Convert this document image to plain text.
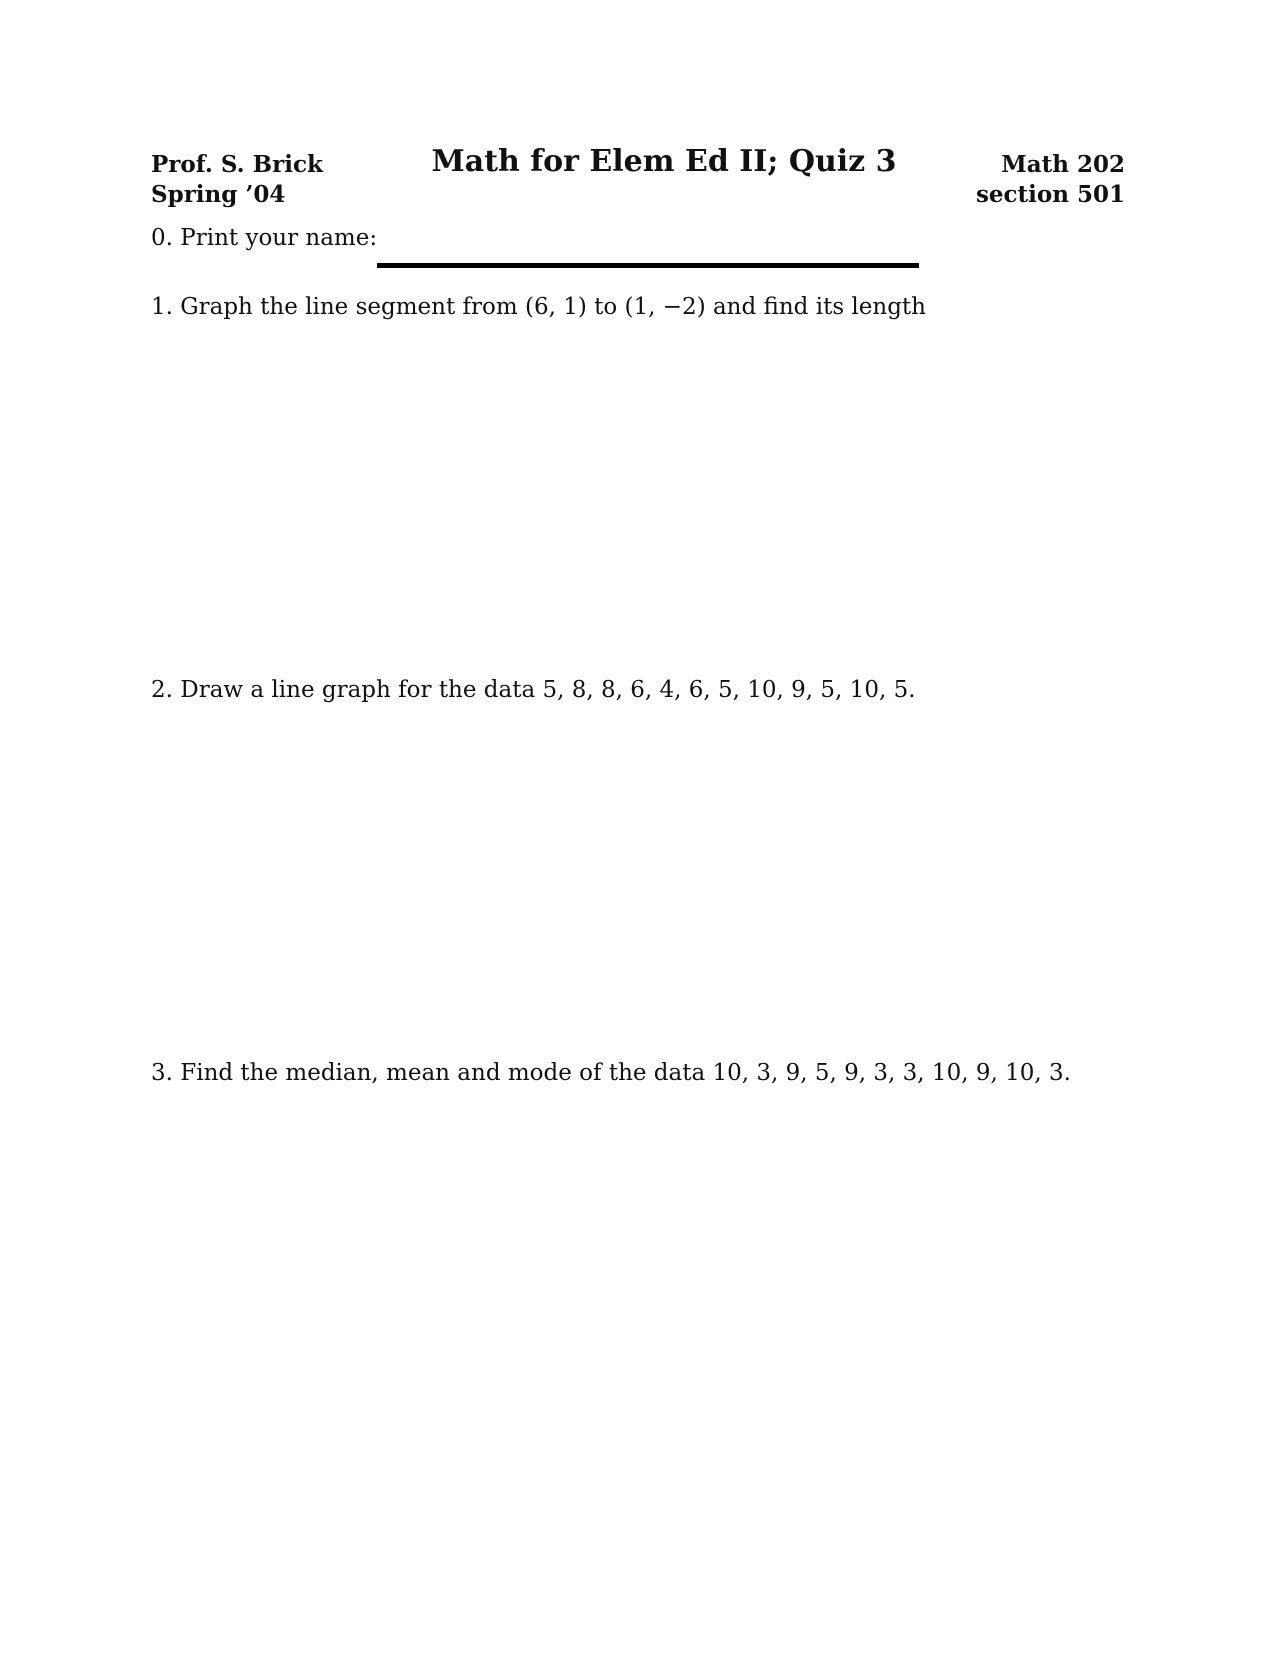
Prof. S. Brick
Spring ’04
Math for Elem Ed II; Quiz 3	Math 202
section 501
0. Print your name:
1. Graph the line segment from (6, 1) to (1, −2) and find its length
2. Draw a line graph for the data 5, 8, 8, 6, 4, 6, 5, 10, 9, 5, 10, 5.
3. Find the median, mean and mode of the data 10, 3, 9, 5, 9, 3, 3, 10, 9, 10, 3.
